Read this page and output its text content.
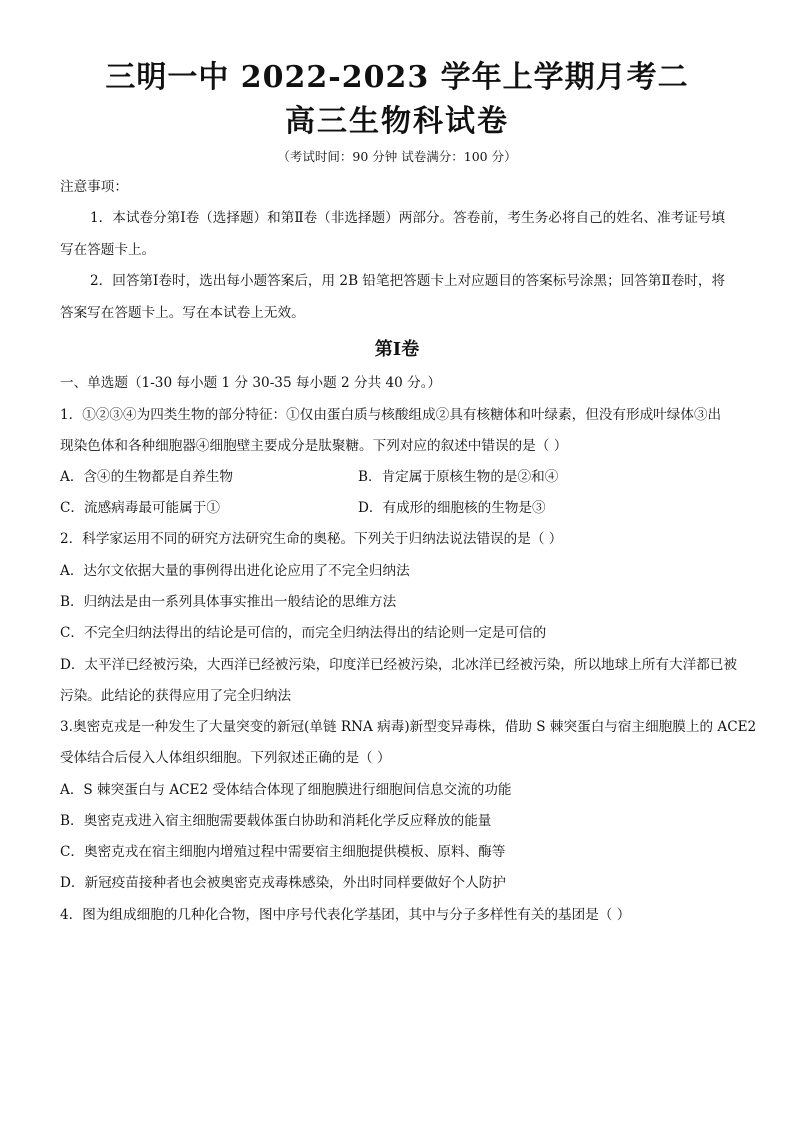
三明一中 2022-2023 学年上学期月考二
高三生物科试卷
（考试时间：90 分钟 试卷满分：100 分）
注意事项：
1．本试卷分第Ⅰ卷（选择题）和第Ⅱ卷（非选择题）两部分。答卷前，考生务必将自己的姓名、准考证号填
写在答题卡上。
2．回答第Ⅰ卷时，选出每小题答案后，用 2B 铅笔把答题卡上对应题目的答案标号涂黑；回答第Ⅱ卷时，将
答案写在答题卡上。写在本试卷上无效。
第Ⅰ卷
一、单选题（1-30 每小题 1 分 30-35 每小题 2 分共 40 分。）
1．①②③④为四类生物的部分特征：①仅由蛋白质与核酸组成②具有核糖体和叶绿素，但没有形成叶绿体③出
现染色体和各种细胞器④细胞壁主要成分是肽聚糖。下列对应的叙述中错误的是（ ）
A．含④的生物都是自养生物	B．肯定属于原核生物的是②和④
C．流感病毒最可能属于①	D．有成形的细胞核的生物是③
2．科学家运用不同的研究方法研究生命的奥秘。下列关于归纳法说法错误的是（ ）
A．达尔文依据大量的事例得出进化论应用了不完全归纳法
B．归纳法是由一系列具体事实推出一般结论的思维方法
C．不完全归纳法得出的结论是可信的，而完全归纳法得出的结论则一定是可信的
D．太平洋已经被污染，大西洋已经被污染，印度洋已经被污染，北冰洋已经被污染，所以地球上所有大洋都已被
污染。此结论的获得应用了完全归纳法
3.奥密克戎是一种发生了大量突变的新冠(单链 RNA 病毒)新型变异毒株，借助 S 棘突蛋白与宿主细胞膜上的 ACE2
受体结合后侵入人体组织细胞。下列叙述正确的是（ ）
A．S 棘突蛋白与 ACE2 受体结合体现了细胞膜进行细胞间信息交流的功能
B．奥密克戎进入宿主细胞需要载体蛋白协助和消耗化学反应释放的能量
C．奥密克戎在宿主细胞内增殖过程中需要宿主细胞提供模板、原料、酶等
D．新冠疫苗接种者也会被奥密克戎毒株感染，外出时同样要做好个人防护
4．图为组成细胞的几种化合物，图中序号代表化学基团，其中与分子多样性有关的基团是（ ）
